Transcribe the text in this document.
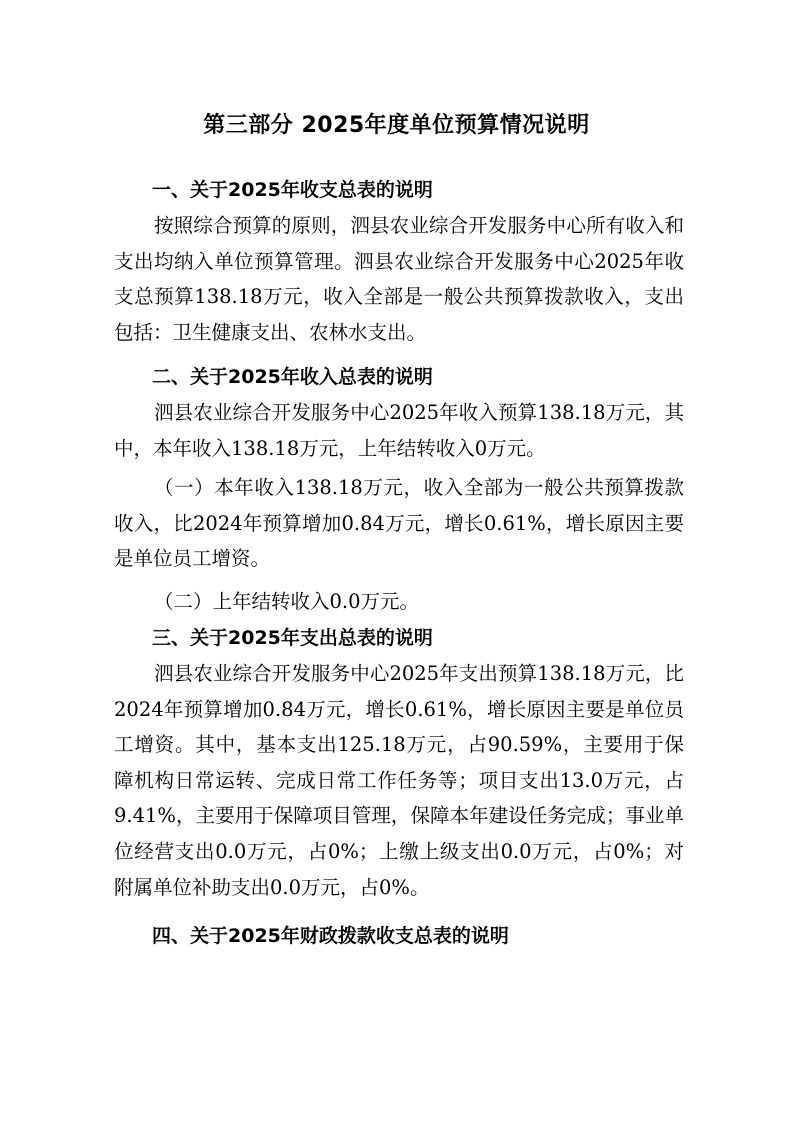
第三部分 2025年度单位预算情况说明
一、关于2025年收支总表的说明

按照综合预算的原则，泗县农业综合开发服务中心所有收入和支出均纳入单位预算管理。泗县农业综合开发服务中心2025年收支总预算138.18万元，收入全部是一般公共预算拨款收入，支出包括：卫生健康支出、农林水支出。

二、关于2025年收入总表的说明

泗县农业综合开发服务中心2025年收入预算138.18万元，其中，本年收入138.18万元，上年结转收入0万元。

（一）本年收入138.18万元，收入全部为一般公共预算拨款收入，比2024年预算增加0.84万元，增长0.61%，增长原因主要是单位员工增资。

（二）上年结转收入0.0万元。

三、关于2025年支出总表的说明

泗县农业综合开发服务中心2025年支出预算138.18万元，比2024年预算增加0.84万元，增长0.61%，增长原因主要是单位员工增资。其中，基本支出125.18万元，占90.59%，主要用于保障机构日常运转、完成日常工作任务等；项目支出13.0万元，占9.41%，主要用于保障项目管理，保障本年建设任务完成；事业单位经营支出0.0万元，占0%；上缴上级支出0.0万元，占0%；对附属单位补助支出0.0万元，占0%。

四、关于2025年财政拨款收支总表的说明
